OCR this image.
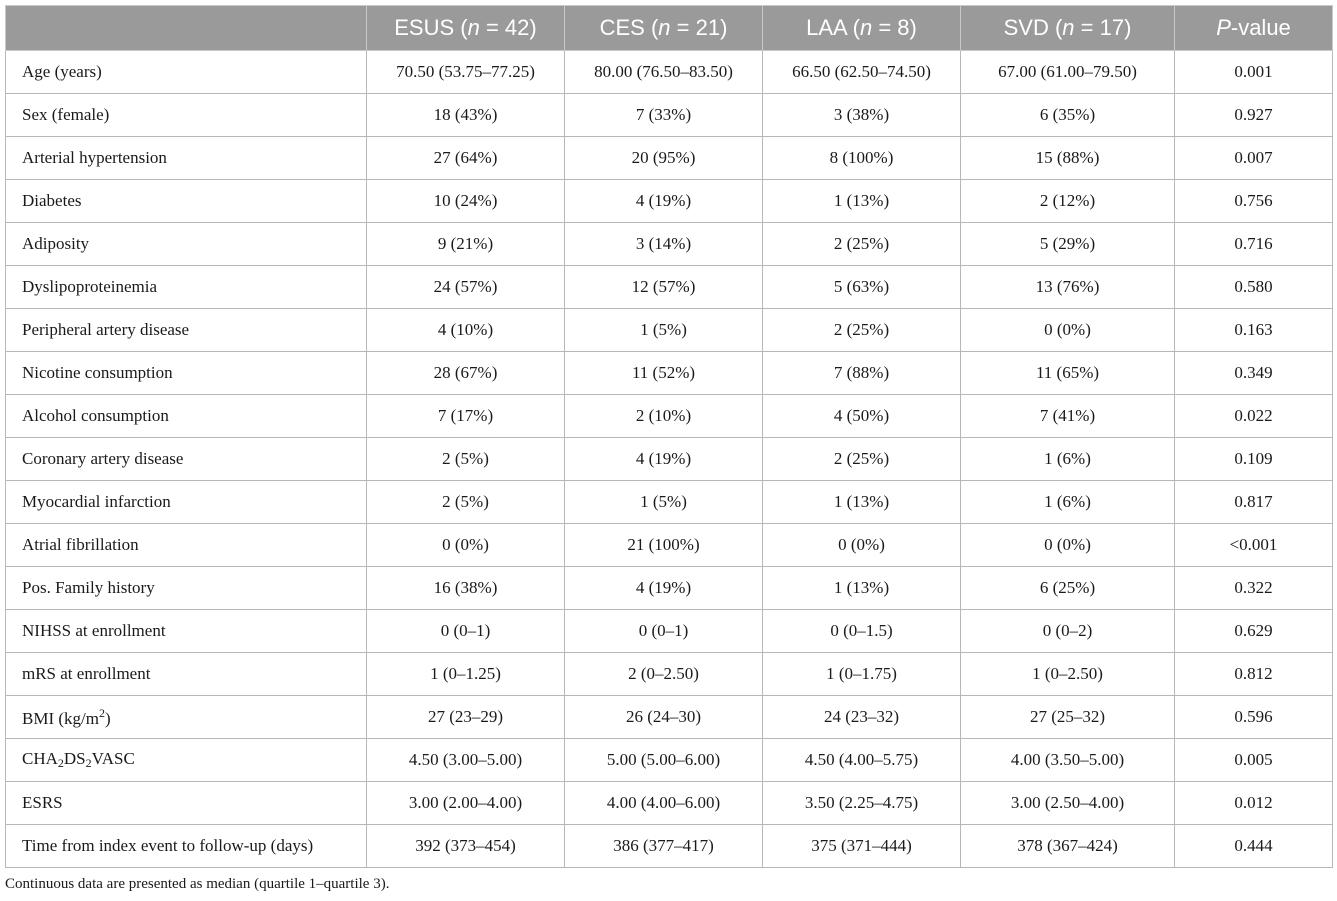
	ESUS (n = 42)	CES (n = 21)	LAA (n = 8)	SVD (n = 17)	P-value
Age (years)	70.50 (53.75–77.25)	80.00 (76.50–83.50)	66.50 (62.50–74.50)	67.00 (61.00–79.50)	0.001
Sex (female)	18 (43%)	7 (33%)	3 (38%)	6 (35%)	0.927
Arterial hypertension	27 (64%)	20 (95%)	8 (100%)	15 (88%)	0.007
Diabetes	10 (24%)	4 (19%)	1 (13%)	2 (12%)	0.756
Adiposity	9 (21%)	3 (14%)	2 (25%)	5 (29%)	0.716
Dyslipoproteinemia	24 (57%)	12 (57%)	5 (63%)	13 (76%)	0.580
Peripheral artery disease	4 (10%)	1 (5%)	2 (25%)	0 (0%)	0.163
Nicotine consumption	28 (67%)	11 (52%)	7 (88%)	11 (65%)	0.349
Alcohol consumption	7 (17%)	2 (10%)	4 (50%)	7 (41%)	0.022
Coronary artery disease	2 (5%)	4 (19%)	2 (25%)	1 (6%)	0.109
Myocardial infarction	2 (5%)	1 (5%)	1 (13%)	1 (6%)	0.817
Atrial fibrillation	0 (0%)	21 (100%)	0 (0%)	0 (0%)	<0.001
Pos. Family history	16 (38%)	4 (19%)	1 (13%)	6 (25%)	0.322
NIHSS at enrollment	0 (0–1)	0 (0–1)	0 (0–1.5)	0 (0–2)	0.629
mRS at enrollment	1 (0–1.25)	2 (0–2.50)	1 (0–1.75)	1 (0–2.50)	0.812
BMI $(kg/m^2)$	27 (23–29)	26 (24–30)	24 (23–32)	27 (25–32)	0.596
$CHA_2DS_2VASC$	4.50 (3.00–5.00)	5.00 (5.00–6.00)	4.50 (4.00–5.75)	4.00 (3.50–5.00)	0.005
ESRS	3.00 (2.00–4.00)	4.00 (4.00–6.00)	3.50 (2.25–4.75)	3.00 (2.50–4.00)	0.012
Time from index event to follow-up (days)	392 (373–454)	386 (377–417)	375 (371–444)	378 (367–424)	0.444
Continuous data are presented as median (quartile 1–quartile 3).
